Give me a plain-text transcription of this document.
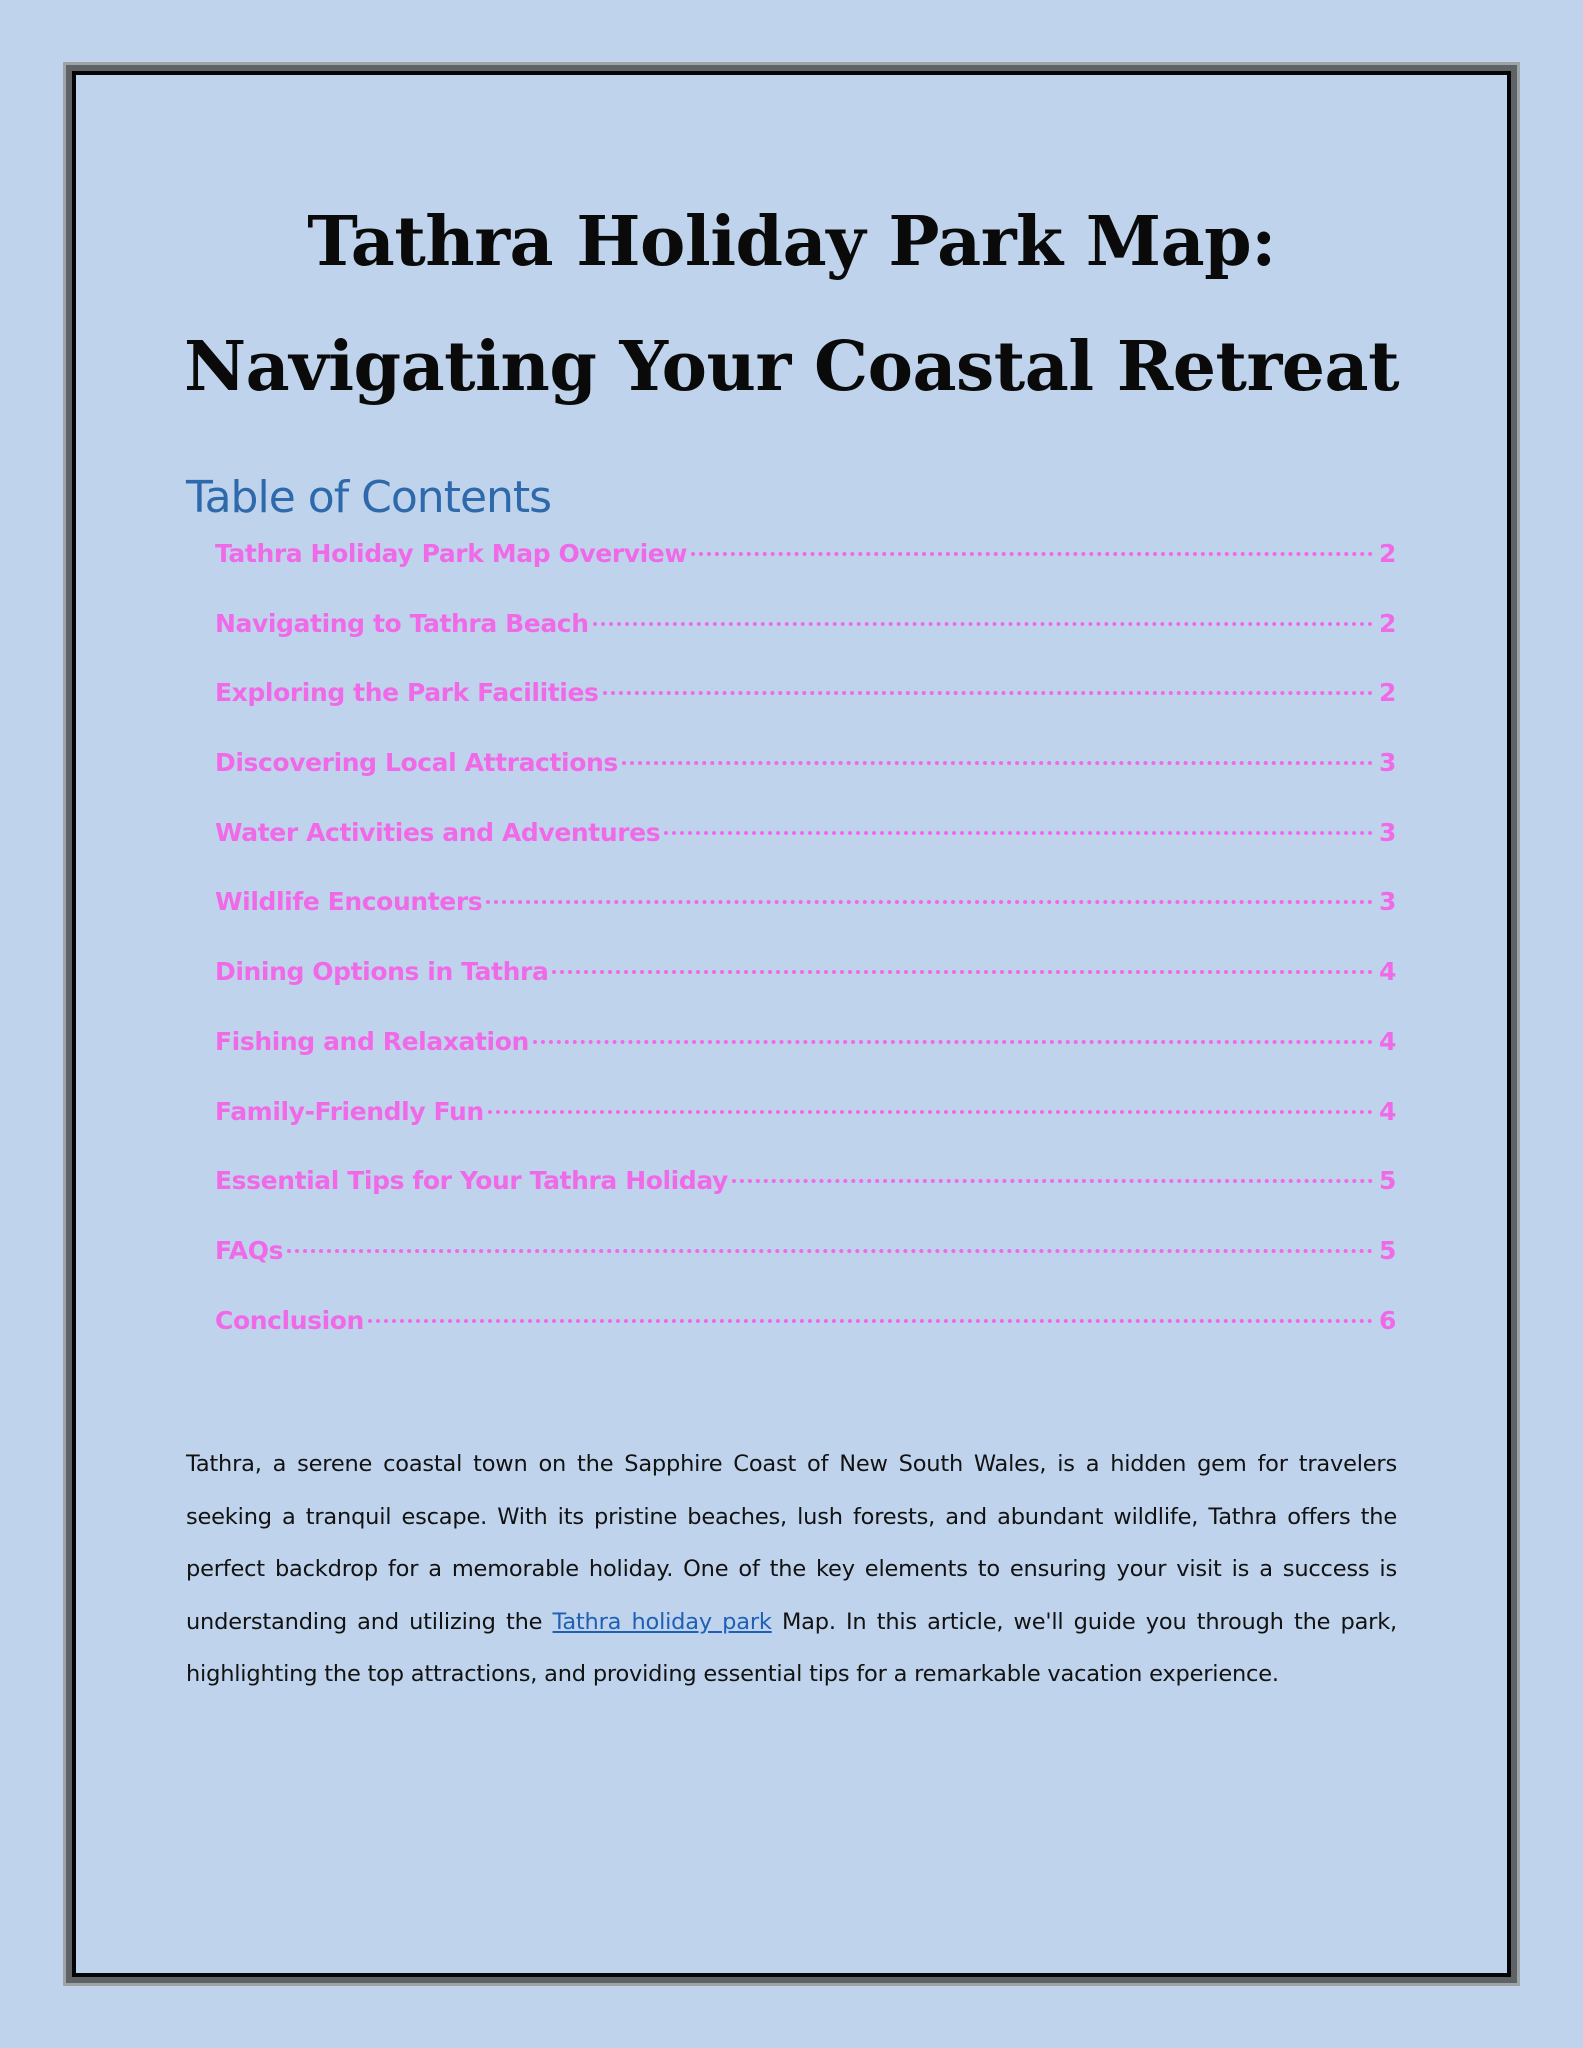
Tathra Holiday Park Map: Navigating Your Coastal Retreat
Table of Contents
Tathra Holiday Park Map Overview	2
Navigating to Tathra Beach	2
Exploring the Park Facilities	2
Discovering Local Attractions	3
Water Activities and Adventures	3
Wildlife Encounters	3
Dining Options in Tathra	4
Fishing and Relaxation	4
Family-Friendly Fun	4
Essential Tips for Your Tathra Holiday	5
FAQs	5
Conclusion	6

Tathra, a serene coastal town on the Sapphire Coast of New South Wales, is a hidden gem for travelers seeking a tranquil escape. With its pristine beaches, lush forests, and abundant wildlife, Tathra offers the perfect backdrop for a memorable holiday. One of the key elements to ensuring your visit is a success is understanding and utilizing the Tathra holiday park Map. In this article, we'll guide you through the park, highlighting the top attractions, and providing essential tips for a remarkable vacation experience.
